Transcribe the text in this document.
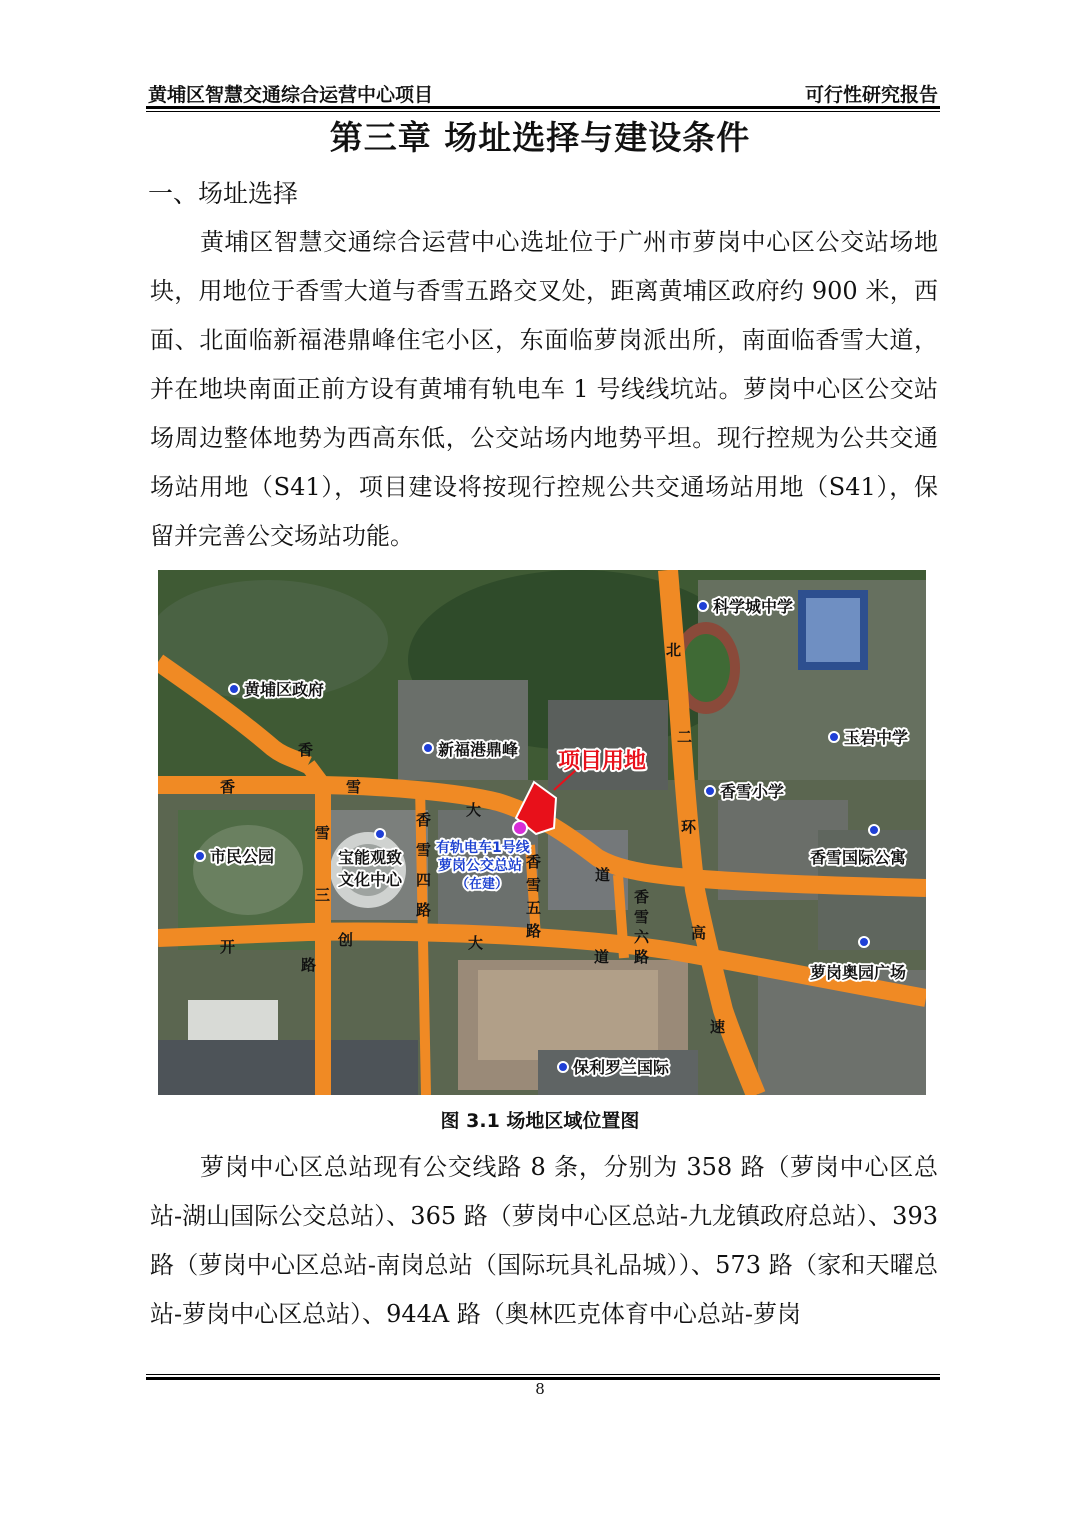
黄埔区智慧交通综合运营中心项目	可行性研究报告
第三章 场址选择与建设条件
一、场址选择

黄埔区智慧交通综合运营中心选址位于广州市萝岗中心区公交站场地块，用地位于香雪大道与香雪五路交叉处，距离黄埔区政府约 900 米，西面、北面临新福港鼎峰住宅小区，东面临萝岗派出所，南面临香雪大道，并在地块南面正前方设有黄埔有轨电车 1 号线线坑站。萝岗中心区公交站场周边整体地势为西高东低，公交站场内地势平坦。现行控规为公共交通场站用地（S41），项目建设将按现行控规公共交通场站用地（S41），保留并完善公交场站功能。

香
香	雪
大
道
雪
三
路
香
雪
四
路
香
雪
五
路
香
雪
六
路
开	创	大
道
北
二
环
高
速
项目用地
有轨电车1号线
萝岗公交总站
（在建）
黄埔区政府
新福港鼎峰
科学城中学
玉岩中学
香雪小学
市民公园	宝能观致
文化中心
香雪国际公寓
萝岗奥园广场
保利罗兰国际
图 3.1 场地区域位置图

萝岗中心区总站现有公交线路 8 条，分别为 358 路（萝岗中心区总站-湖山国际公交总站）、365 路（萝岗中心区总站-九龙镇政府总站）、393 路（萝岗中心区总站-南岗总站（国际玩具礼品城））、573 路（家和天曜总站-萝岗中心区总站）、944A 路（奥林匹克体育中心总站-萝岗

8
